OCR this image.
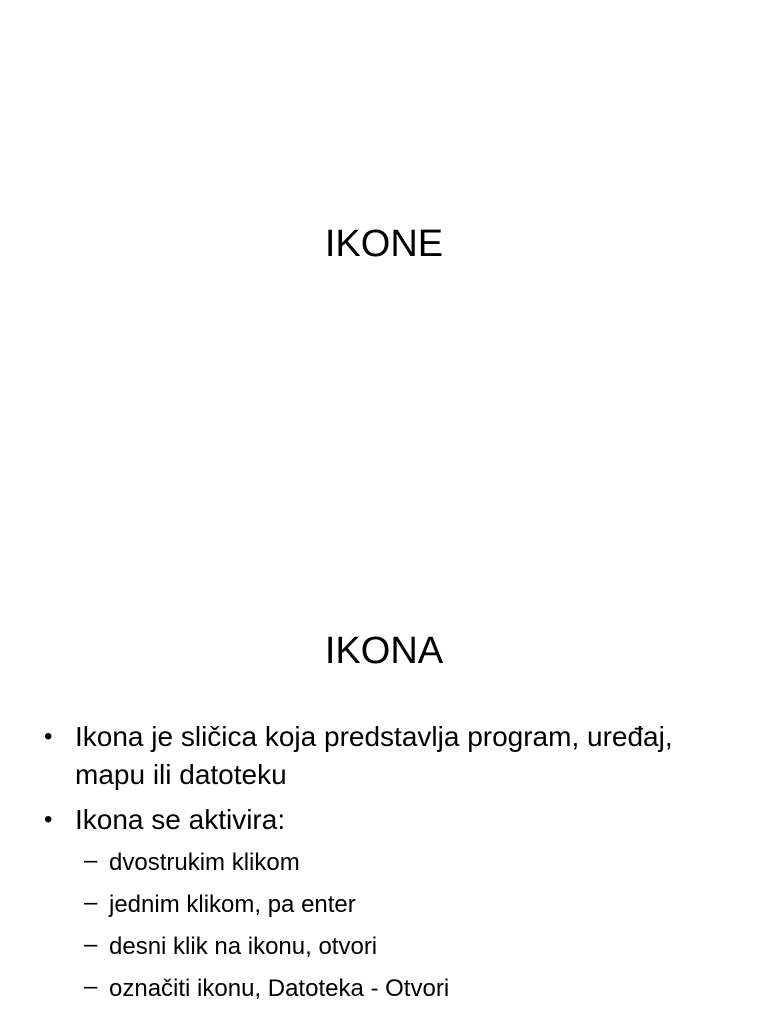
IKONE
IKONA
• Ikona je sličica koja predstavlja program, uređaj, mapu ili datoteku
• Ikona se aktivira:
– dvostrukim klikom
– jednim klikom, pa enter
– desni klik na ikonu, otvori
– označiti ikonu, Datoteka - Otvori
